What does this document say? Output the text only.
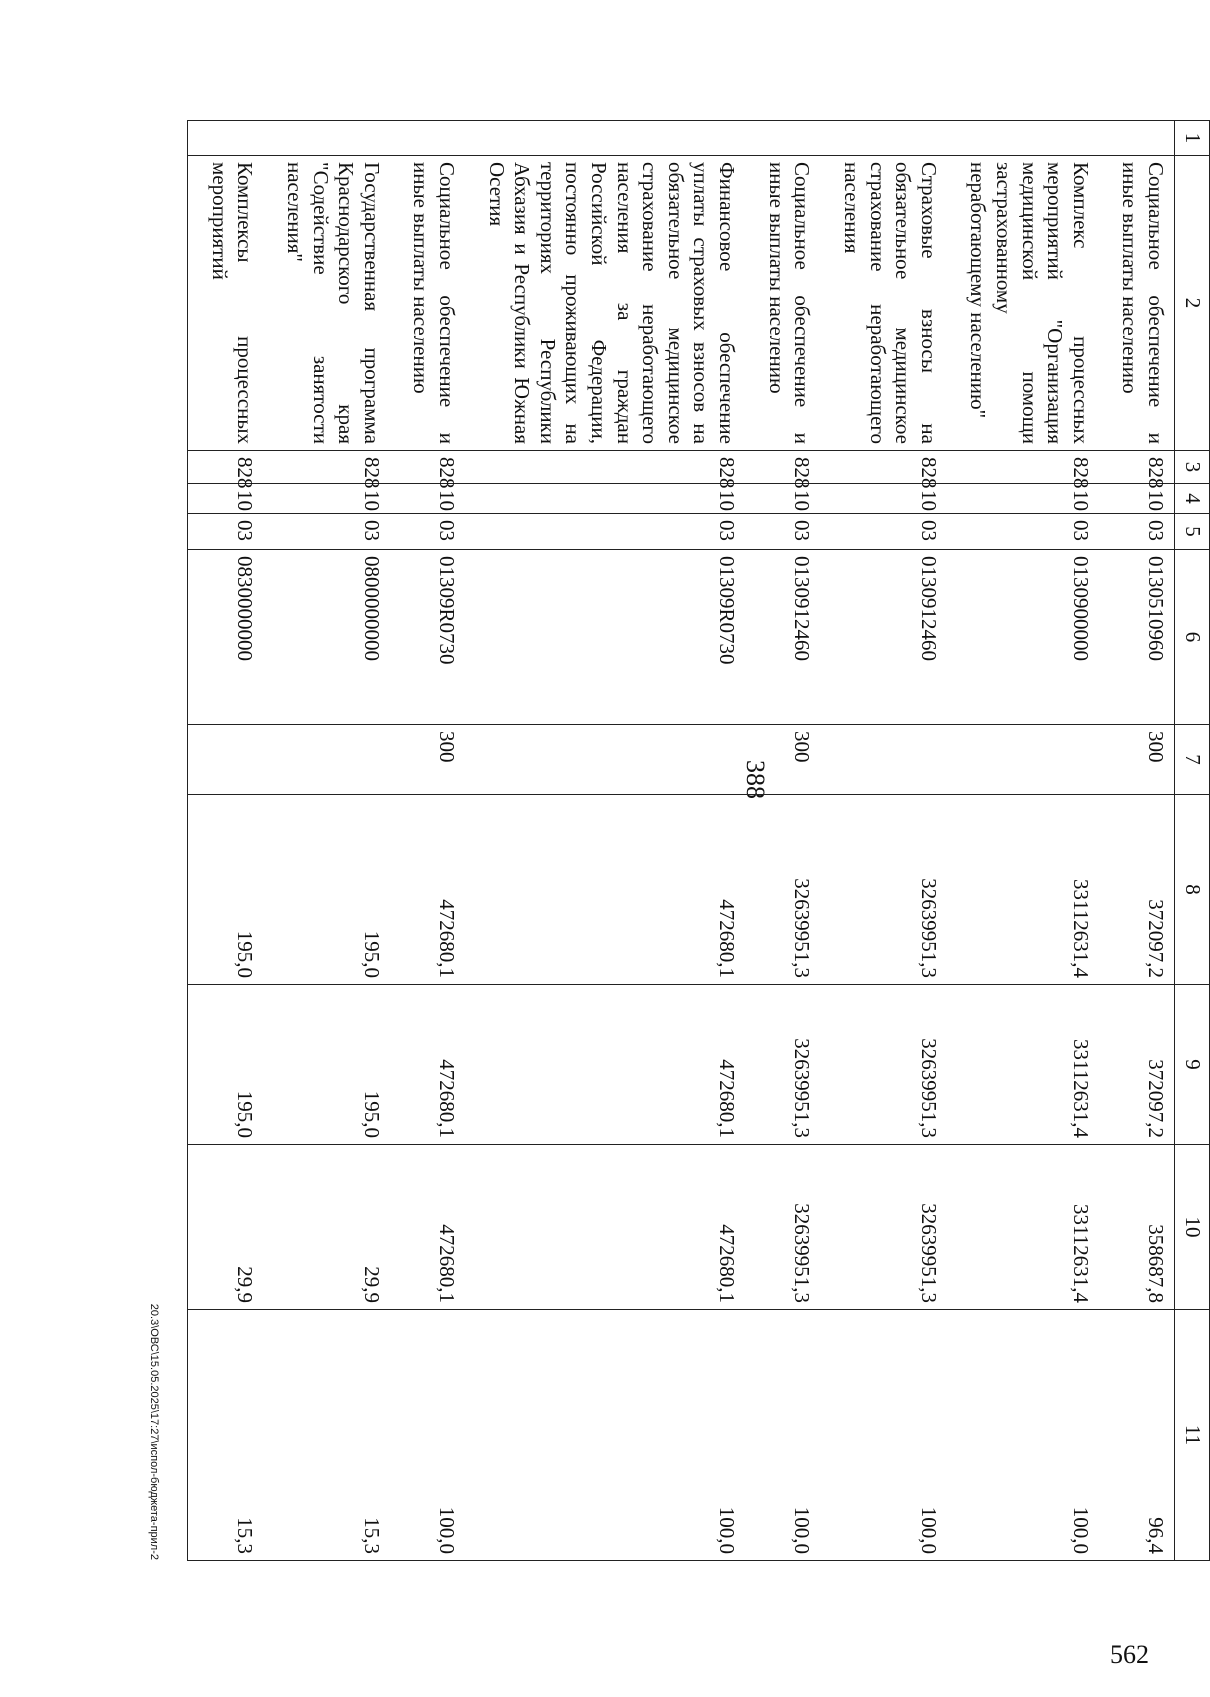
388
1	2	3	4	5	6	7	8	9	10	11
	Социальное обеспечение и иные выплаты населению	828	10	03	0130510960	300	372097,2	372097,2	358687,8	96,4
	Комплекс процессных мероприятий "Организация медицинской помощи застрахованному неработающему населению"	828	10	03	0130900000		33112631,4	33112631,4	33112631,4	100,0
	Страховые взносы на обязательное медицинское страхование неработающего населения	828	10	03	0130912460		32639951,3	32639951,3	32639951,3	100,0
	Социальное обеспечение и иные выплаты населению	828	10	03	0130912460	300	32639951,3	32639951,3	32639951,3	100,0
	Финансовое обеспечение уплаты страховых взносов на обязательное медицинское страхование неработающего населения за граждан Российской Федерации, постоянно проживающих на территориях Республики Абхазия и Республики Южная Осетия	828	10	03	01309R0730		472680,1	472680,1	472680,1	100,0
	Социальное обеспечение и иные выплаты населению	828	10	03	01309R0730	300	472680,1	472680,1	472680,1	100,0
	Государственная программа Краснодарского края "Содействие занятости населения"	828	10	03	0800000000		195,0	195,0	29,9	15,3
	Комплексы процессных мероприятий	828	10	03	0830000000		195,0	195,0	29,9	15,3
20.3\ОВС\15.05.2025\17:27\испол-бюджета-прил-2
562
